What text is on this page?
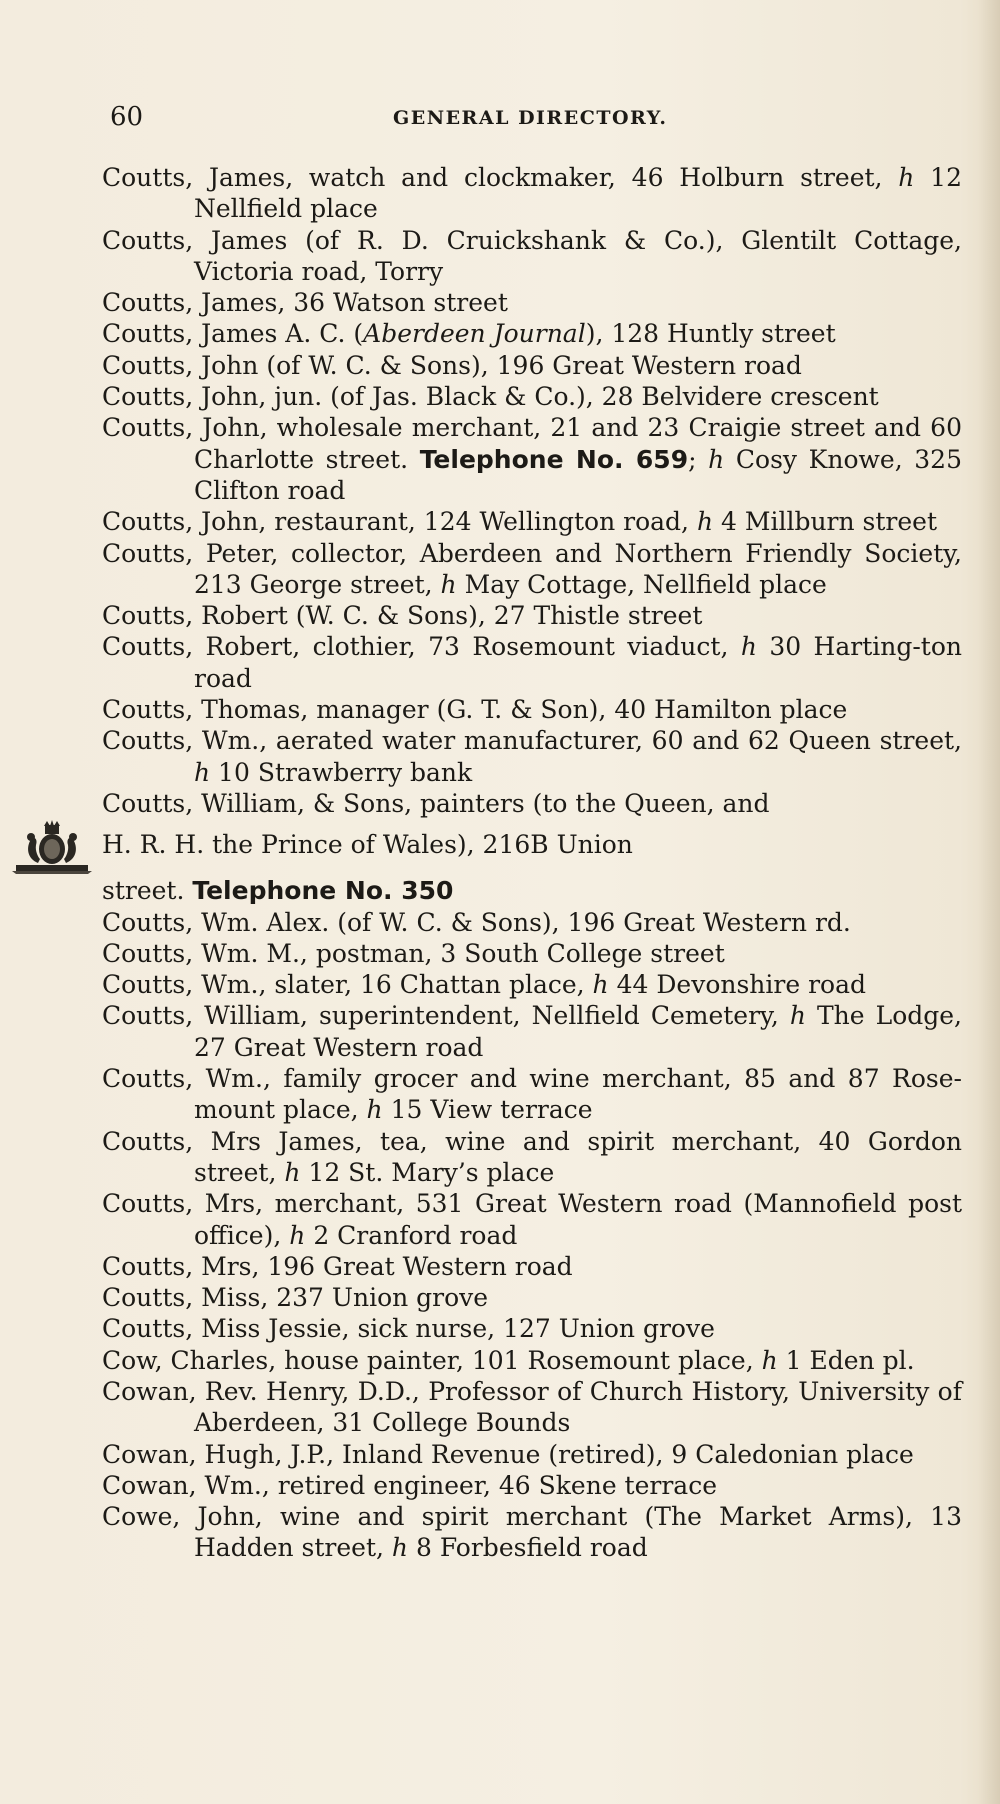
60	GENERAL DIRECTORY.

Coutts, James, watch and clockmaker, 46 Holburn street, h 12 Nellfield place

Coutts, James (of R. D. Cruickshank & Co.), Glentilt Cottage, Victoria road, Torry

Coutts, James, 36 Watson street

Coutts, James A. C. (Aberdeen Journal), 128 Huntly street

Coutts, John (of W. C. & Sons), 196 Great Western road

Coutts, John, jun. (of Jas. Black & Co.), 28 Belvidere crescent

Coutts, John, wholesale merchant, 21 and 23 Craigie street and 60 Charlotte street. Telephone No. 659; h Cosy Knowe, 325 Clifton road

Coutts, John, restaurant, 124 Wellington road, h 4 Millburn street

Coutts, Peter, collector, Aberdeen and Northern Friendly Society, 213 George street, h May Cottage, Nellfield place

Coutts, Robert (W. C. & Sons), 27 Thistle street

Coutts, Robert, clothier, 73 Rosemount viaduct, h 30 Harting-ton road

Coutts, Thomas, manager (G. T. & Son), 40 Hamilton place

Coutts, Wm., aerated water manufacturer, 60 and 62 Queen street, h 10 Strawberry bank

Coutts, William, & Sons, painters (to the Queen, and
H. R. H. the Prince of Wales), 216B Union
street. Telephone No. 350

Coutts, Wm. Alex. (of W. C. & Sons), 196 Great Western rd.

Coutts, Wm. M., postman, 3 South College street

Coutts, Wm., slater, 16 Chattan place, h 44 Devonshire road

Coutts, William, superintendent, Nellfield Cemetery, h The Lodge, 27 Great Western road

Coutts, Wm., family grocer and wine merchant, 85 and 87 Rose-mount place, h 15 View terrace

Coutts, Mrs James, tea, wine and spirit merchant, 40 Gordon street, h 12 St. Mary’s place

Coutts, Mrs, merchant, 531 Great Western road (Mannofield post office), h 2 Cranford road

Coutts, Mrs, 196 Great Western road

Coutts, Miss, 237 Union grove

Coutts, Miss Jessie, sick nurse, 127 Union grove

Cow, Charles, house painter, 101 Rosemount place, h 1 Eden pl.

Cowan, Rev. Henry, D.D., Professor of Church History, University of Aberdeen, 31 College Bounds

Cowan, Hugh, J.P., Inland Revenue (retired), 9 Caledonian place

Cowan, Wm., retired engineer, 46 Skene terrace

Cowe, John, wine and spirit merchant (The Market Arms), 13 Hadden street, h 8 Forbesfield road
